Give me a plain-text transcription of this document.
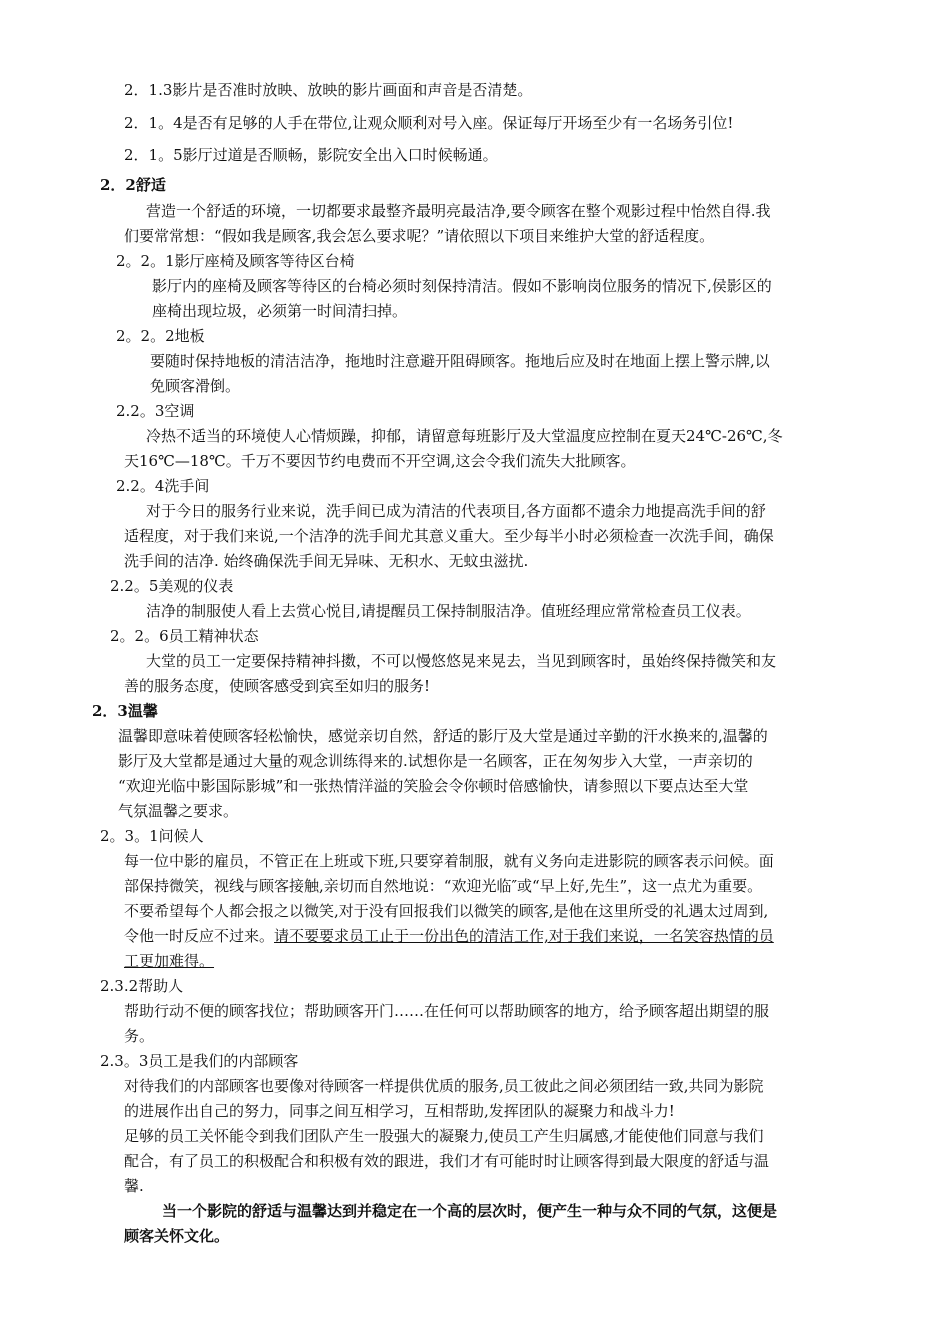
2．1.3影片是否准时放映、放映的影片画面和声音是否清楚。
2．1。4是否有足够的人手在带位,让观众顺利对号入座。保证每厅开场至少有一名场务引位!
2．1。5影厅过道是否顺畅，影院安全出入口时候畅通。
2．2舒适
营造一个舒适的环境，一切都要求最整齐最明亮最洁净,要令顾客在整个观影过程中怡然自得.我
们要常常想：“假如我是顾客,我会怎么要求呢？”请依照以下项目来维护大堂的舒适程度。
2。2。1影厅座椅及顾客等待区台椅
影厅内的座椅及顾客等待区的台椅必须时刻保持清洁。假如不影响岗位服务的情况下,侯影区的
座椅出现垃圾，必须第一时间清扫掉。
2。2。2地板
要随时保持地板的清洁洁净，拖地时注意避开阻碍顾客。拖地后应及时在地面上摆上警示牌,以
免顾客滑倒。
2.2。3空调
冷热不适当的环境使人心情烦躁，抑郁，请留意每班影厅及大堂温度应控制在夏天24℃-26℃,冬
天16℃—18℃。千万不要因节约电费而不开空调,这会令我们流失大批顾客。
2.2。4洗手间
对于今日的服务行业来说，洗手间已成为清洁的代表项目,各方面都不遗余力地提高洗手间的舒
适程度，对于我们来说,一个洁净的洗手间尤其意义重大。至少每半小时必须检查一次洗手间，确保
洗手间的洁净. 始终确保洗手间无异味、无积水、无蚊虫滋扰.
2.2。5美观的仪表
洁净的制服使人看上去赏心悦目,请提醒员工保持制服洁净。值班经理应常常检查员工仪表。
2。2。6员工精神状态
大堂的员工一定要保持精神抖擞，不可以慢悠悠晃来晃去，当见到顾客时，虽始终保持微笑和友
善的服务态度，使顾客感受到宾至如归的服务!
2．3温馨
温馨即意味着使顾客轻松愉快，感觉亲切自然，舒适的影厅及大堂是通过辛勤的汗水换来的,温馨的
影厅及大堂都是通过大量的观念训练得来的.试想你是一名顾客，正在匆匆步入大堂，一声亲切的
“欢迎光临中影国际影城”和一张热情洋溢的笑脸会令你顿时倍感愉快，请参照以下要点达至大堂
气氛温馨之要求。
2。3。1问候人
每一位中影的雇员，不管正在上班或下班,只要穿着制服，就有义务向走进影院的顾客表示问候。面
部保持微笑，视线与顾客接触,亲切而自然地说：“欢迎光临″或“早上好,先生”，这一点尤为重要。
不要希望每个人都会报之以微笑,对于没有回报我们以微笑的顾客,是他在这里所受的礼遇太过周到,
令他一时反应不过来。请不要要求员工止于一份出色的清洁工作,对于我们来说，一名笑容热情的员
工更加难得。
2.3.2帮助人
帮助行动不便的顾客找位；帮助顾客开门……在任何可以帮助顾客的地方，给予顾客超出期望的服
务。
2.3。3员工是我们的内部顾客
对待我们的内部顾客也要像对待顾客一样提供优质的服务,员工彼此之间必须团结一致,共同为影院
的进展作出自己的努力，同事之间互相学习，互相帮助,发挥团队的凝聚力和战斗力!
足够的员工关怀能令到我们团队产生一股强大的凝聚力,使员工产生归属感,才能使他们同意与我们
配合，有了员工的积极配合和积极有效的跟进，我们才有可能时时让顾客得到最大限度的舒适与温
馨.
当一个影院的舒适与温馨达到并稳定在一个高的层次时，便产生一种与众不同的气氛，这便是
顾客关怀文化。
